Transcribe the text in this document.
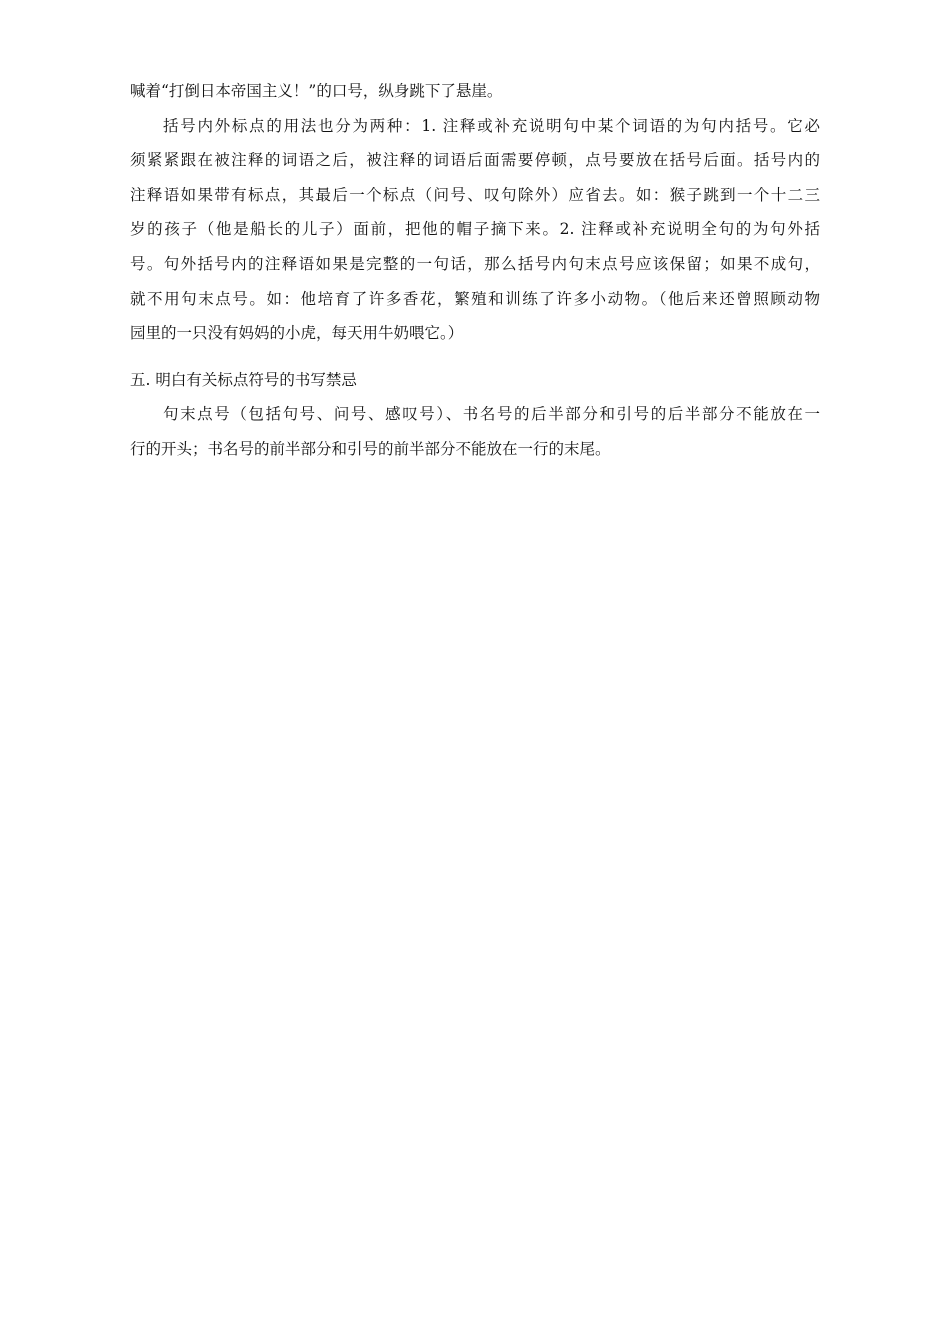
喊着“打倒日本帝国主义！”的口号，纵身跳下了悬崖。
括号内外标点的用法也分为两种：1. 注释或补充说明句中某个词语的为句内括号。它必
须紧紧跟在被注释的词语之后，被注释的词语后面需要停顿，点号要放在括号后面。括号内的
注释语如果带有标点，其最后一个标点（问号、叹句除外）应省去。如：猴子跳到一个十二三
岁的孩子（他是船长的儿子）面前，把他的帽子摘下来。2. 注释或补充说明全句的为句外括
号。句外括号内的注释语如果是完整的一句话，那么括号内句末点号应该保留；如果不成句，
就不用句末点号。如：他培育了许多香花，繁殖和训练了许多小动物。（他后来还曾照顾动物
园里的一只没有妈妈的小虎，每天用牛奶喂它。）
五. 明白有关标点符号的书写禁忌
句末点号（包括句号、问号、感叹号）、书名号的后半部分和引号的后半部分不能放在一
行的开头；书名号的前半部分和引号的前半部分不能放在一行的末尾。
